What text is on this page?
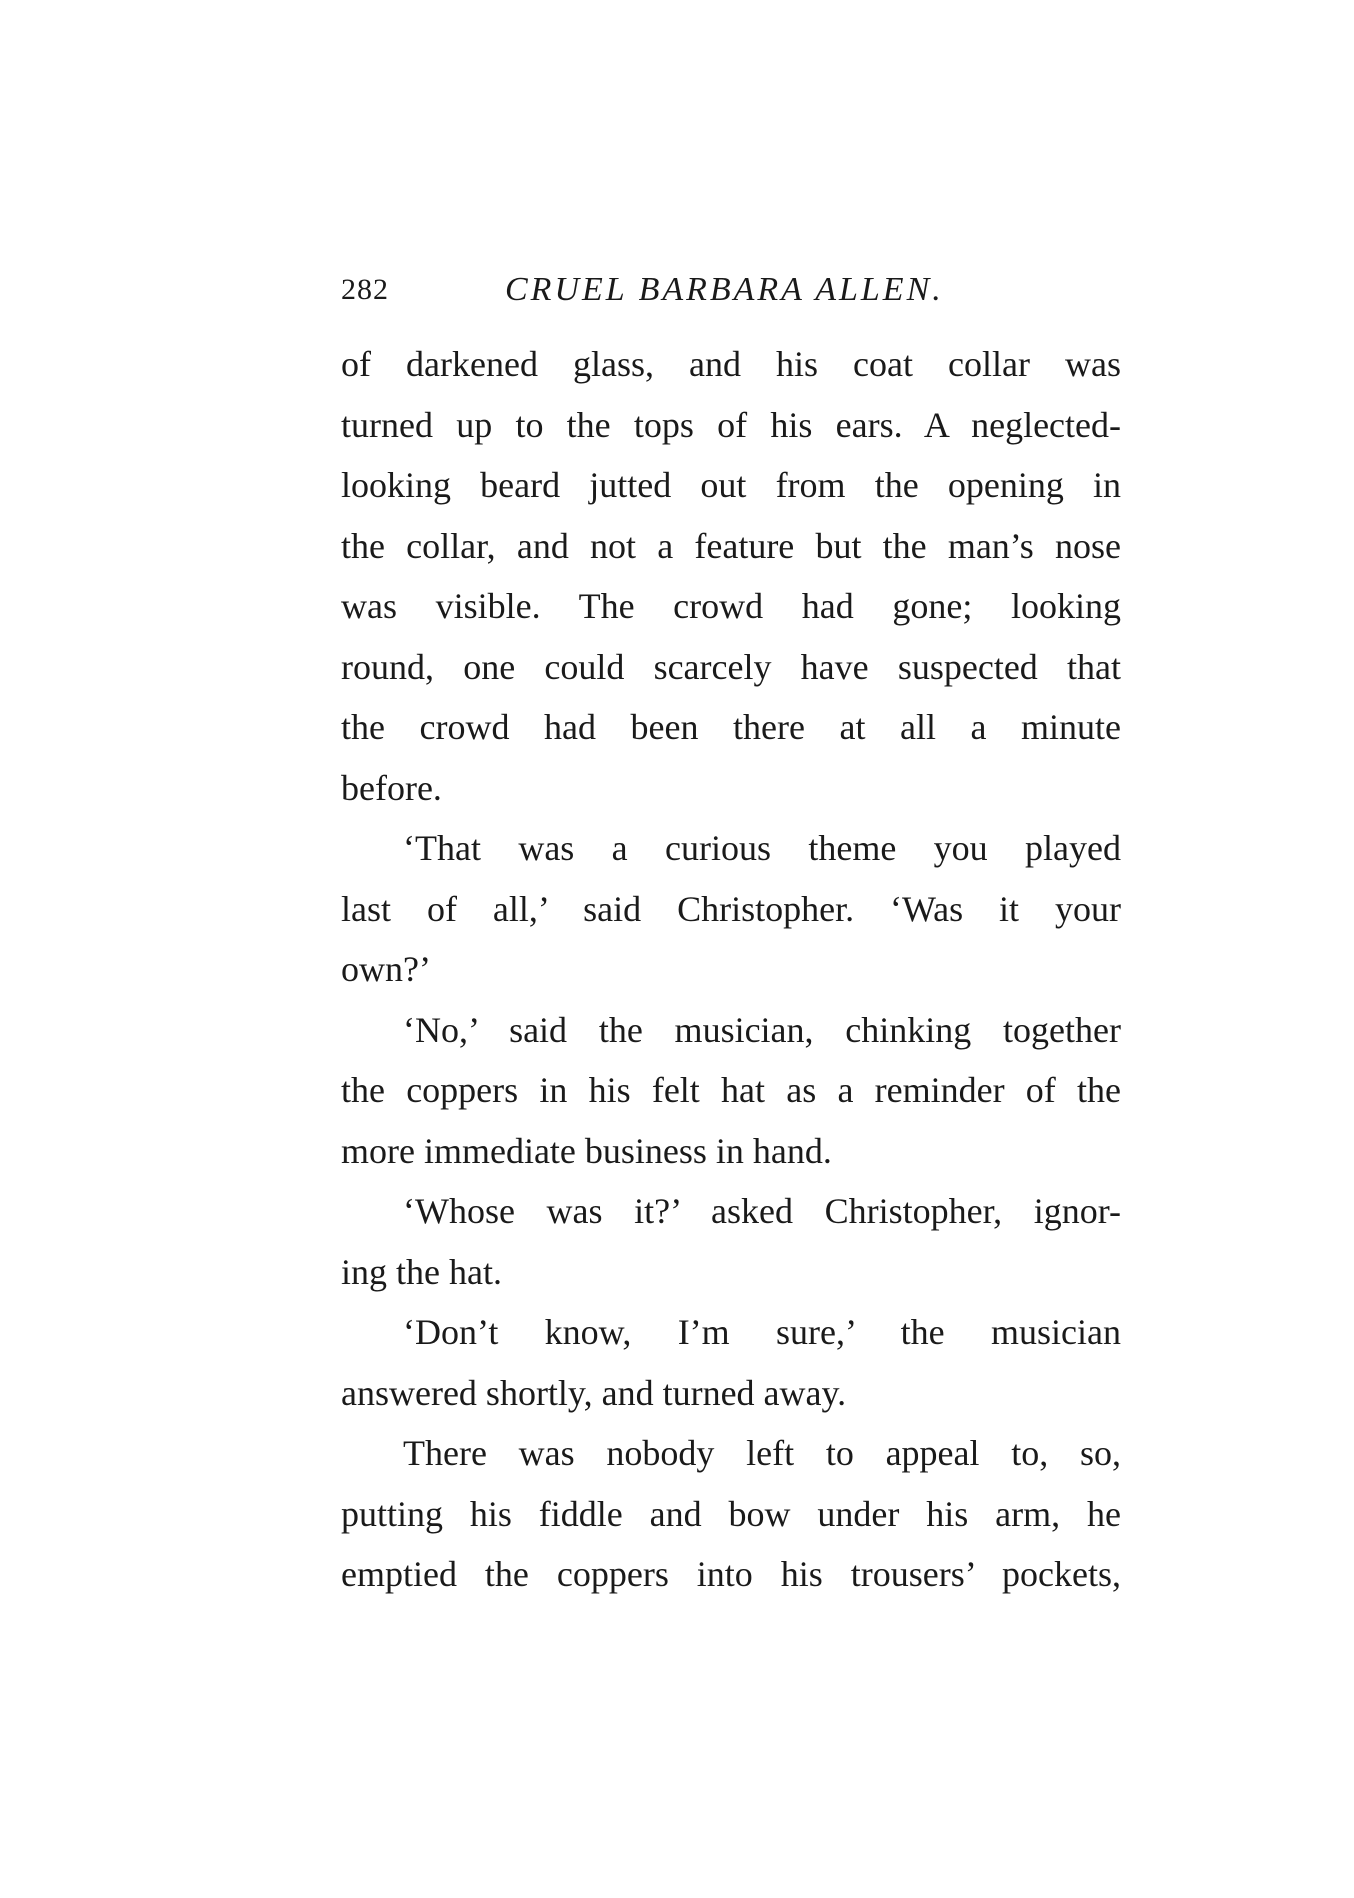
282	CRUEL BARBARA ALLEN.
of darkened glass, and his coat collar was
turned up to the tops of his ears. A neglected-
looking beard jutted out from the opening in
the collar, and not a feature but the man’s nose
was visible. The crowd had gone; looking
round, one could scarcely have suspected that
the crowd had been there at all a minute
before.
‘That was a curious theme you played
last of all,’ said Christopher. ‘Was it your
own?’
‘No,’ said the musician, chinking together
the coppers in his felt hat as a reminder of the
more immediate business in hand.
‘Whose was it?’ asked Christopher, ignor-
ing the hat.
‘Don’t know, I’m sure,’ the musician
answered shortly, and turned away.
There was nobody left to appeal to, so,
putting his fiddle and bow under his arm, he
emptied the coppers into his trousers’ pockets,
